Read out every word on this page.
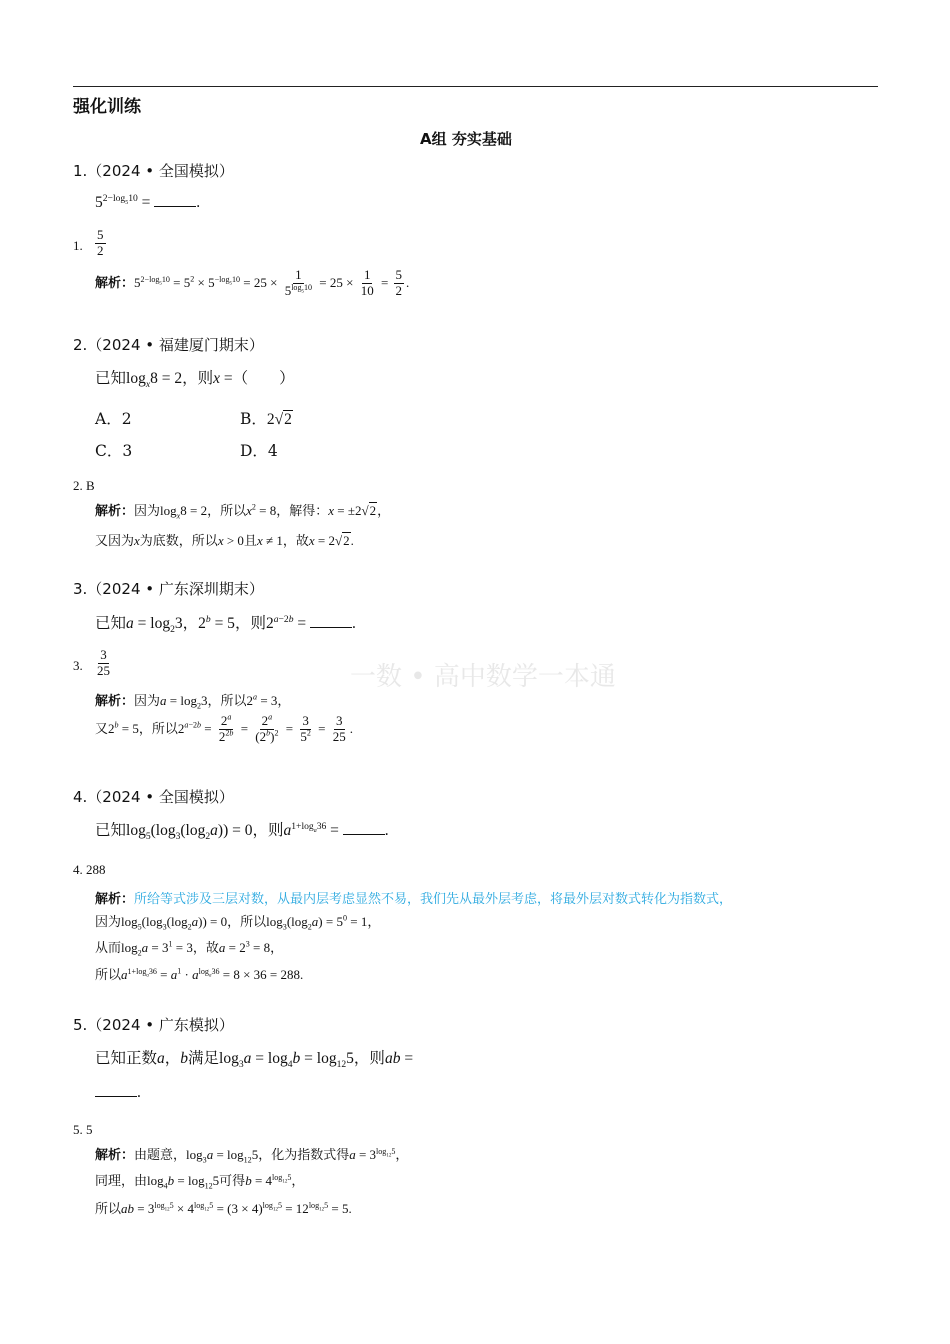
强化训练
A组 夯实基础
一数 • 高中数学一本通
1.（2024 • 全国模拟）
$5^{2-log_510}$ =	.
1. $\frac{5}{2}$
解析：$5^{2-log_510} = 5^2 \times 5^{-log_510} = 25 \times \frac{1}{5^{log_510}} = 25 \times \frac{1}{10} = \frac{5}{2}$ .
2.（2024 • 福建厦门期末）
已知$\log_x8 = 2$，则x =（　　）
A．2	B．2√2
C．3	D．4
2. B
解析：因为$\log_x8 = 2$，所以$x^2 = 8$，解得：x = ±2√2，
又因为x为底数，所以x > 0且x ≠ 1，故x = 2√2.
3.（2024 • 广东深圳期末）
已知$a = \log_23$，$2^b = 5$，则$2^{a-2b}$ =	.
3. $\frac{3}{25}$
解析：因为$a = \log_23$，所以$2^a = 3$，
又$2^b = 5$，所以$2^{a-2b} = \frac{2^a}{2^{2b}} = \frac{2^a}{(2^b)^2} = \frac{3}{5^2} = \frac{3}{25}$ .
4.（2024 • 全国模拟）
已知$\log_5(\log_3(\log_2a)) = 0$，则$a^{1+log_a36}$ =	.
4. 288
解析：所给等式涉及三层对数，从最内层考虑显然不易，我们先从最外层考虑，将最外层对数式转化为指数式，
因为$\log_5(\log_3(\log_2a)) = 0$，所以$\log_3(\log_2a) = 5^0 = 1$，
从而$\log_2a = 3^1 = 3$，故$a = 2^3 = 8$，
所以$a^{1+log_a36} = a^1 \cdot a^{log_a36} = 8 \times 36 = 288$.
5.（2024 • 广东模拟）
已知正数a，b满足$\log_3a = \log_4b = \log_{12}5$，则ab =
.
5. 5
解析：由题意，$\log_3a = \log_{12}5$，化为指数式得$a = 3^{log_{12}5}$，
同理，由$\log_4b = \log_{12}5$可得$b = 4^{log_{12}5}$，
所以ab = $3^{log_{12}5} \times 4^{log_{12}5} = (3 \times 4)^{log_{12}5} = 12^{log_{12}5} = 5$.
